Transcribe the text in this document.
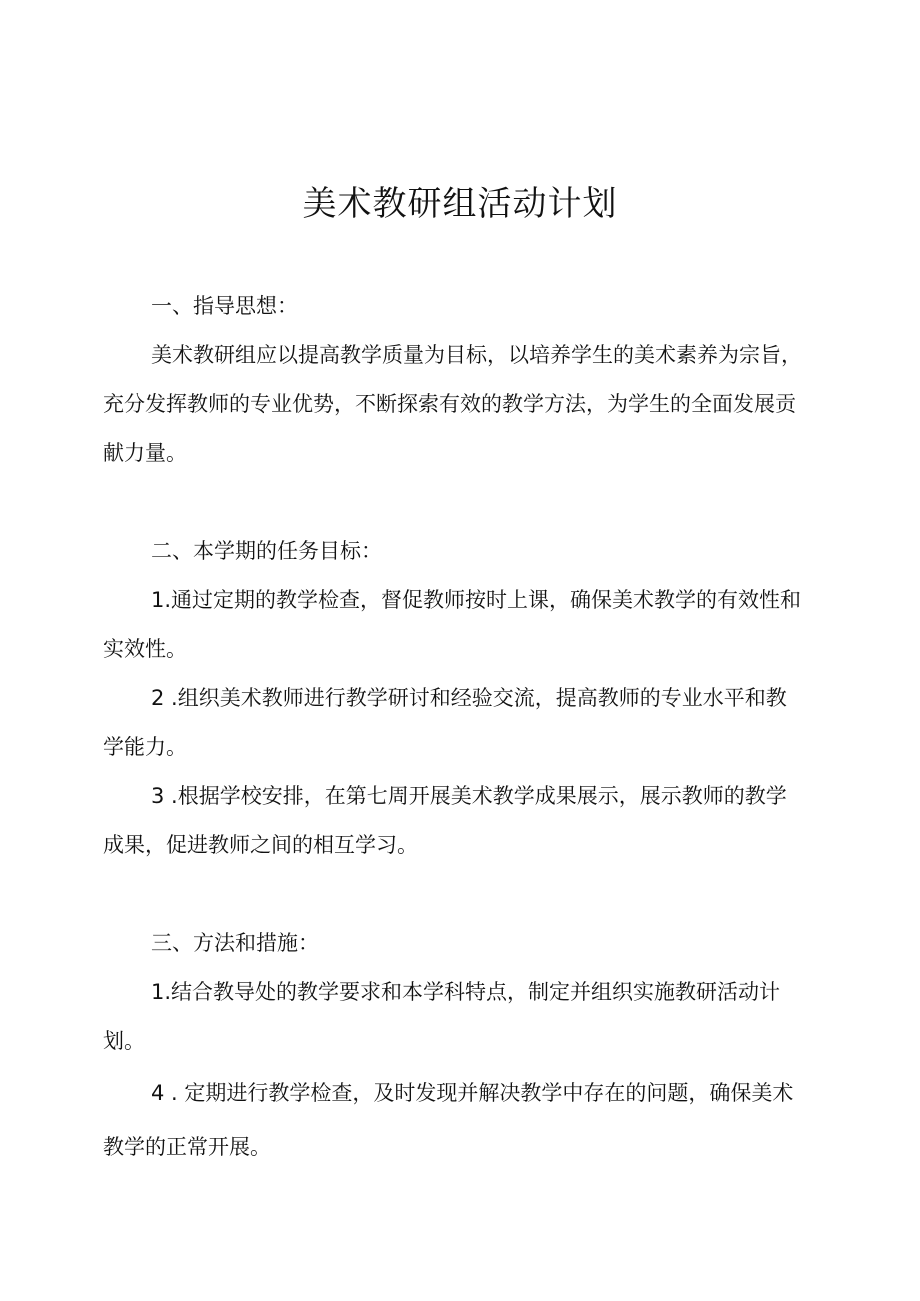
美术教研组活动计划

一、指导思想：

美术教研组应以提高教学质量为目标，以培养学生的美术素养为宗旨，充分发挥教师的专业优势，不断探索有效的教学方法，为学生的全面发展贡献力量。

二、本学期的任务目标：

1.通过定期的教学检查，督促教师按时上课，确保美术教学的有效性和实效性。

2 .组织美术教师进行教学研讨和经验交流，提高教师的专业水平和教学能力。

3 .根据学校安排，在第七周开展美术教学成果展示，展示教师的教学成果，促进教师之间的相互学习。

三、方法和措施：

1.结合教导处的教学要求和本学科特点，制定并组织实施教研活动计划。

4 . 定期进行教学检查，及时发现并解决教学中存在的问题，确保美术教学的正常开展。
